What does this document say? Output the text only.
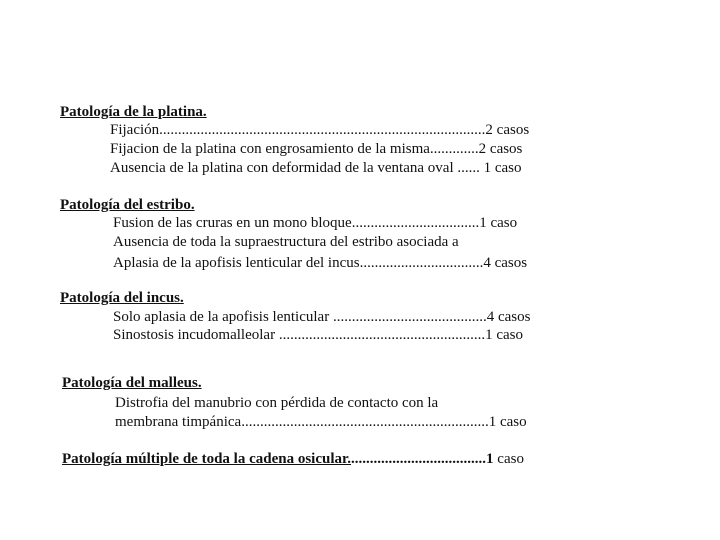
Patología de la platina.
Fijación.......................................................................................2 casos
Fijacion de la platina con engrosamiento de la misma.............2 casos
Ausencia de la platina con deformidad de la ventana oval ...... 1 caso
Patología del estribo.
Fusion de las cruras en un mono bloque..................................1 caso
Ausencia de toda la supraestructura del estribo asociada a
Aplasia de la apofisis lenticular del incus.................................4 casos
Patología del incus.
Solo aplasia de la apofisis lenticular .........................................4 casos
Sinostosis incudomalleolar .......................................................1 caso
Patología del malleus.
Distrofia del manubrio con pérdida de contacto con la
membrana timpánica..................................................................1 caso
Patología múltiple de toda la cadena osicular.....................................1 caso
